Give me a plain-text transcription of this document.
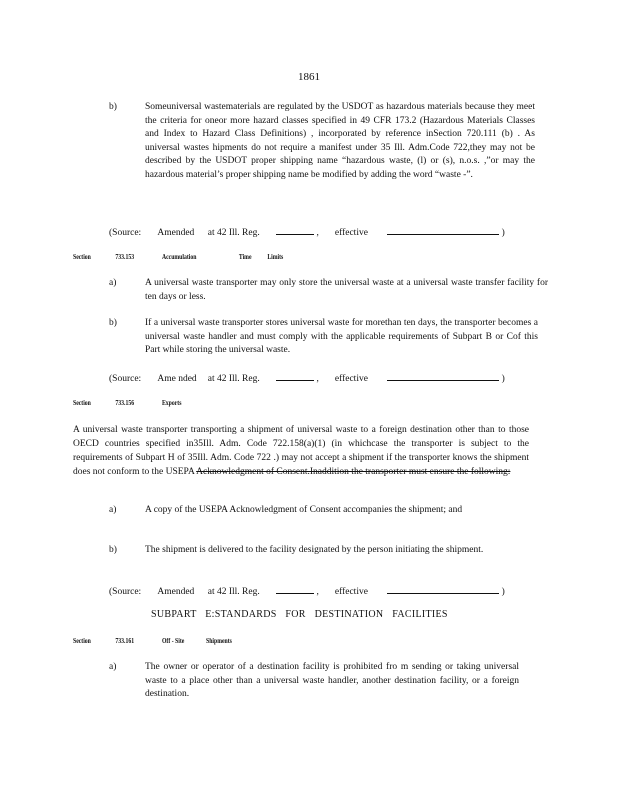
1861
b)	Someuniversal wastematerials are regulated by the USDOT as hazardous materials because they meet the criteria for oneor more hazard classes specified in 49 CFR 173.2 (Hazardous Materials Classes and Index to Hazard Class Definitions) , incorporated by reference inSection 720.111 (b) . As universal wastes hipments do not require a manifest under 35 Ill. Adm.Code 722,they may not be described by the USDOT proper shipping name “hazardous waste, (l) or (s), n.o.s. ,”or may the hazardous material’s proper shipping name be modified by adding the word “waste -”.
(Source: Amended at 42 Ill. Reg.	, effective	)
Section	733.153	Accumulation	Time Limits
a)	A universal waste transporter may only store the universal waste at a universal waste transfer facility for ten days or less.
b)	If a universal waste transporter stores universal waste for morethan ten days, the transporter becomes a universal waste handler and must comply with the applicable requirements of Subpart B or Cof this Part while storing the universal waste.
(Source: Ame nded at 42 Ill. Reg.	, effective	)
Section	733.156	Exports
A universal waste transporter transporting a shipment of universal waste to a foreign destination other than to those OECD countries specified in35Ill. Adm. Code 722.158(a)(1) (in whichcase the transporter is subject to the requirements of Subpart H of 35Ill. Adm. Code 722 .) may not accept a shipment if the transporter knows the shipment does not conform to the USEPA Acknowledgment of Consent.Inaddition the transporter must ensure the following:
a)	A copy of the USEPA Acknowledgment of Consent accompanies the shipment; and
b)	The shipment is delivered to the facility designated by the person initiating the shipment.
(Source: Amended at 42 Ill. Reg.	, effective	)
SUBPART E:STANDARDS FOR DESTINATION FACILITIES
Section	733.161	Off - Site	Shipments
a)	The owner or operator of a destination facility is prohibited fro m sending or taking universal waste to a place other than a universal waste handler, another destination facility, or a foreign destination.
